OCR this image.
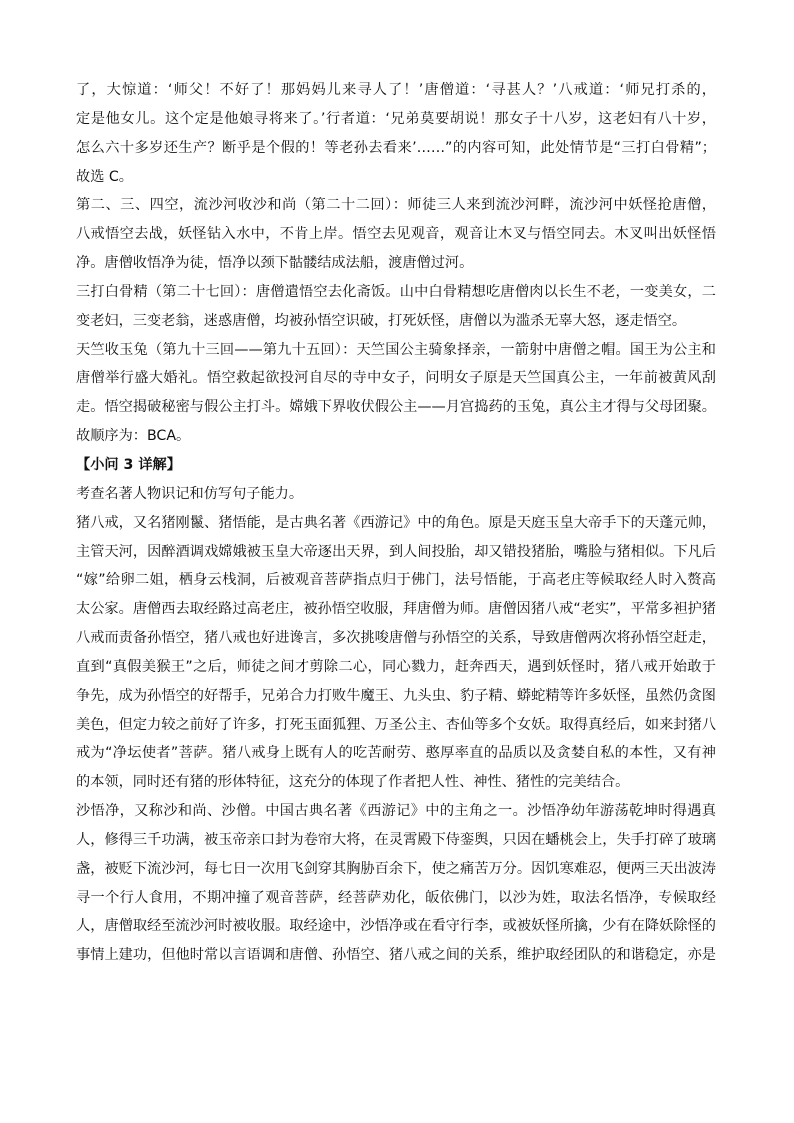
了，大惊道：‘师父！不好了！那妈妈儿来寻人了！’唐僧道：‘寻甚人？’八戒道：‘师兄打杀的，
定是他女儿。这个定是他娘寻将来了。’行者道：‘兄弟莫要胡说！那女子十八岁，这老妇有八十岁，
怎么六十多岁还生产？断乎是个假的！等老孙去看来’……”的内容可知，此处情节是“三打白骨精”；
故选 C。
第二、三、四空，流沙河收沙和尚（第二十二回）：师徒三人来到流沙河畔，流沙河中妖怪抢唐僧，
八戒悟空去战，妖怪钻入水中，不肯上岸。悟空去见观音，观音让木叉与悟空同去。木叉叫出妖怪悟
净。唐僧收悟净为徒，悟净以颈下骷髅结成法船，渡唐僧过河。
三打白骨精（第二十七回）：唐僧遣悟空去化斋饭。山中白骨精想吃唐僧肉以长生不老，一变美女，二
变老妇，三变老翁，迷惑唐僧，均被孙悟空识破，打死妖怪，唐僧以为滥杀无辜大怒，逐走悟空。
天竺收玉兔（第九十三回——第九十五回）：天竺国公主骑象择亲，一箭射中唐僧之帽。国王为公主和
唐僧举行盛大婚礼。悟空救起欲投河自尽的寺中女子，问明女子原是天竺国真公主，一年前被黄风刮
走。悟空揭破秘密与假公主打斗。嫦娥下界收伏假公主——月宫捣药的玉兔，真公主才得与父母团聚。
故顺序为：BCA。
【小问 3 详解】
考查名著人物识记和仿写句子能力。
猪八戒，又名猪刚鬣、猪悟能，是古典名著《西游记》中的角色。原是天庭玉皇大帝手下的天蓬元帅，
主管天河，因醉酒调戏嫦娥被玉皇大帝逐出天界，到人间投胎，却又错投猪胎，嘴脸与猪相似。下凡后
“嫁”给卵二姐，栖身云栈洞，后被观音菩萨指点归于佛门，法号悟能，于高老庄等候取经人时入赘高
太公家。唐僧西去取经路过高老庄，被孙悟空收服，拜唐僧为师。唐僧因猪八戒“老实”，平常多袒护猪
八戒而责备孙悟空，猪八戒也好进谗言，多次挑唆唐僧与孙悟空的关系，导致唐僧两次将孙悟空赶走，
直到“真假美猴王”之后，师徒之间才剪除二心，同心戮力，赶奔西天，遇到妖怪时，猪八戒开始敢于
争先，成为孙悟空的好帮手，兄弟合力打败牛魔王、九头虫、豹子精、蟒蛇精等许多妖怪，虽然仍贪图
美色，但定力较之前好了许多，打死玉面狐狸、万圣公主、杏仙等多个女妖。取得真经后，如来封猪八
戒为“净坛使者”菩萨。猪八戒身上既有人的吃苦耐劳、憨厚率直的品质以及贪婪自私的本性，又有神
的本领，同时还有猪的形体特征，这充分的体现了作者把人性、神性、猪性的完美结合。
沙悟净，又称沙和尚、沙僧。中国古典名著《西游记》中的主角之一。沙悟净幼年游荡乾坤时得遇真
人，修得三千功满，被玉帝亲口封为卷帘大将，在灵霄殿下侍銮舆，只因在蟠桃会上，失手打碎了玻璃
盏，被贬下流沙河，每七日一次用飞剑穿其胸胁百余下，使之痛苦万分。因饥寒难忍，便两三天出波涛
寻一个行人食用，不期冲撞了观音菩萨，经菩萨劝化，皈依佛门，以沙为姓，取法名悟净，专候取经
人，唐僧取经至流沙河时被收服。取经途中，沙悟净或在看守行李，或被妖怪所擒，少有在降妖除怪的
事情上建功，但他时常以言语调和唐僧、孙悟空、猪八戒之间的关系，维护取经团队的和谐稳定，亦是
